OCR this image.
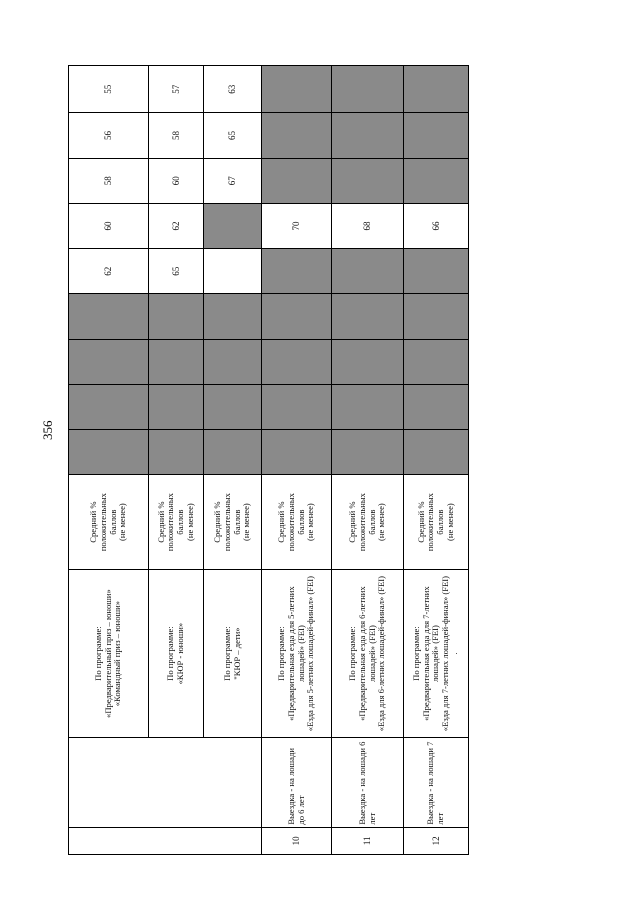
356

		По программе: «Предварительный приз – юноши» «Командный приз – юноши»	Средний % положительных баллов (не менее)					62	60	58	56	55

		По программе: «КЮР - юноши»	Средний % положительных баллов (не менее)					65	62	60	58	57

		По программе: "КЮР – дети»	Средний % положительных баллов (не менее)							67	65	63
10	Выездка - на лошади до 6 лет	По программе: «Предварительная езда для 5-летних лошадей» (FEI) «Езда для 5-летних лошадей-финал» (FEI)	Средний % положительных баллов (не менее)						70			
11	Выездка - на лошади 6 лет	По программе: «Предварительная езда для 6-летних лошадей» (FEI) «Езда для 6-летних лошадей-финал» (FEI)	Средний % положительных баллов (не менее)						68			
12	Выездка - на лошади 7 лет	По программе: «Предварительная езда для 7-летних лошадей» (FEI) «Езда для 7-летних лошадей-финал» (FEI) .	Средний % положительных баллов (не менее)						66			
